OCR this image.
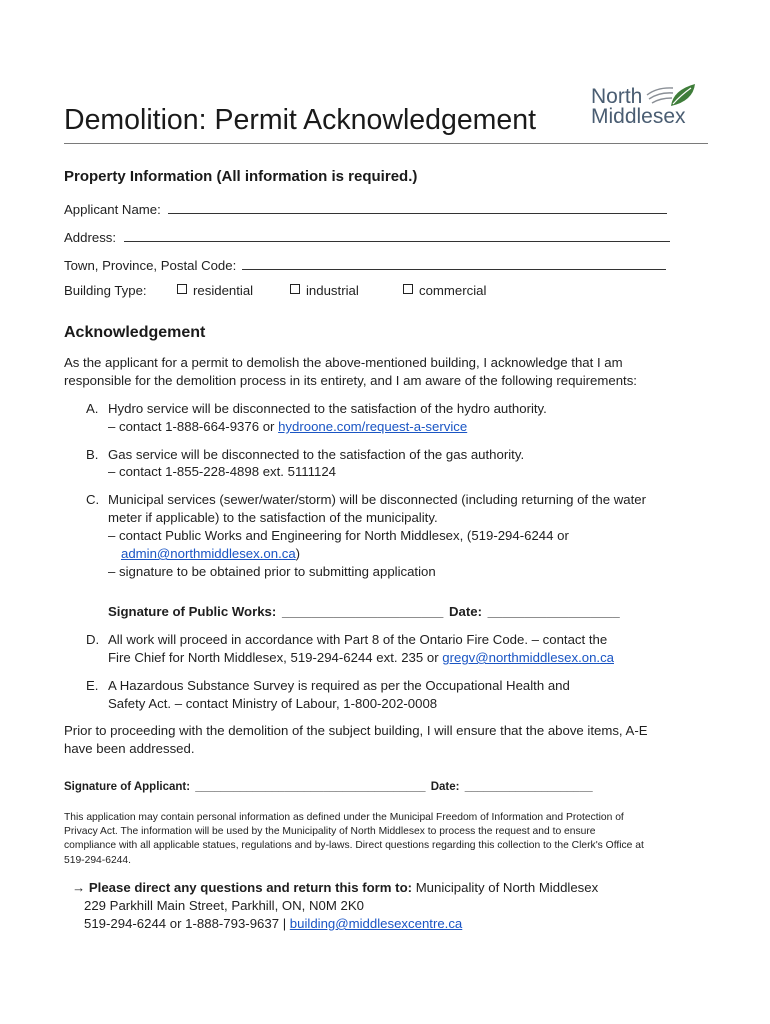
Demolition: Permit Acknowledgement
North
Middlesex
Property Information (All information is required.)
Applicant Name:
Address:
Town, Province, Postal Code:
Building Type:	residential	industrial	commercial
Acknowledgement
As the applicant for a permit to demolish the above-mentioned building, I acknowledge that I am
responsible for the demolition process in its entirety, and I am aware of the following requirements:
A. Hydro service will be disconnected to the satisfaction of the hydro authority.
– contact 1-888-664-9376 or hydroone.com/request-a-service
B. Gas service will be disconnected to the satisfaction of the gas authority.
– contact 1-855-228-4898 ext. 5111124
C. Municipal services (sewer/water/storm) will be disconnected (including returning of the water
meter if applicable) to the satisfaction of the municipality.
– contact Public Works and Engineering for North Middlesex, (519-294-6244 or
admin@northmiddlesex.on.ca)
– signature to be obtained prior to submitting application
Signature of Public Works: ______________________ Date: __________________
D. All work will proceed in accordance with Part 8 of the Ontario Fire Code. – contact the
Fire Chief for North Middlesex, 519-294-6244 ext. 235 or gregv@northmiddlesex.on.ca
E. A Hazardous Substance Survey is required as per the Occupational Health and
Safety Act. – contact Ministry of Labour, 1-800-202-0008
Prior to proceeding with the demolition of the subject building, I will ensure that the above items, A-E
have been addressed.
Signature of Applicant: ____________________________________ Date: ____________________
This application may contain personal information as defined under the Municipal Freedom of Information and Protection of
Privacy Act. The information will be used by the Municipality of North Middlesex to process the request and to ensure
compliance with all applicable statues, regulations and by-laws. Direct questions regarding this collection to the Clerk's Office at
519-294-6244.
→ Please direct any questions and return this form to: Municipality of North Middlesex
229 Parkhill Main Street, Parkhill, ON, N0M 2K0
519-294-6244 or 1-888-793-9637 | building@middlesexcentre.ca
